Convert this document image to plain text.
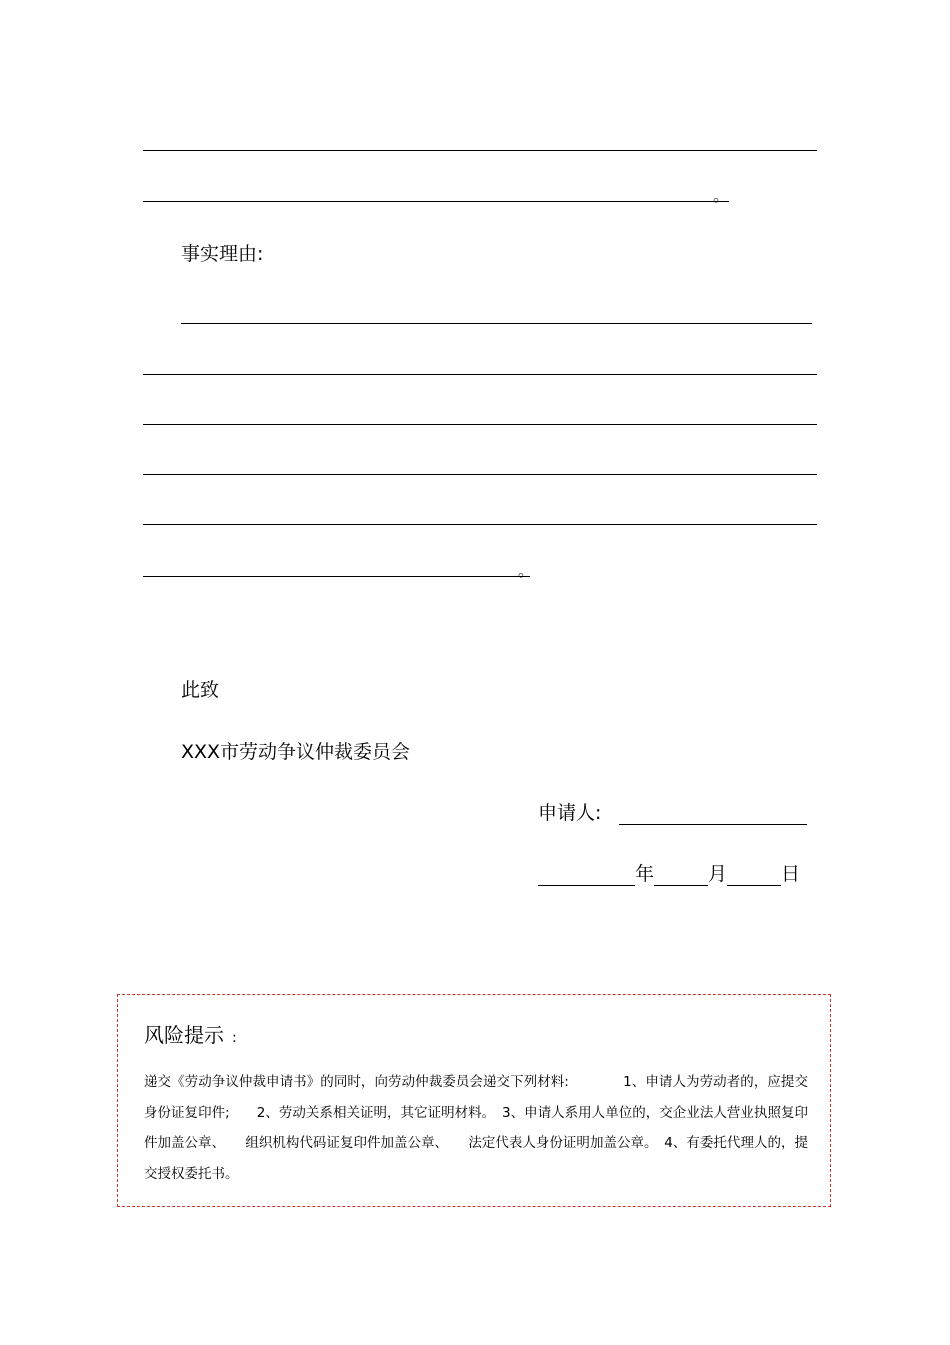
。
事实理由:
。
此致
XXX市劳动争议仲裁委员会
申请人:
年	月	日
风险提示 :
递交《劳动争议仲裁申请书》的同时，向劳动仲裁委员会递交下列材料:　　　　1、申请人为劳动者的，应提交身份证复印件;　　2、劳动关系相关证明，其它证明材料。　3、申请人系用人单位的，交企业法人营业执照复印件加盖公章、　　组织机构代码证复印件加盖公章、　　法定代表人身份证明加盖公章。　4、有委托代理人的，提交授权委托书。
